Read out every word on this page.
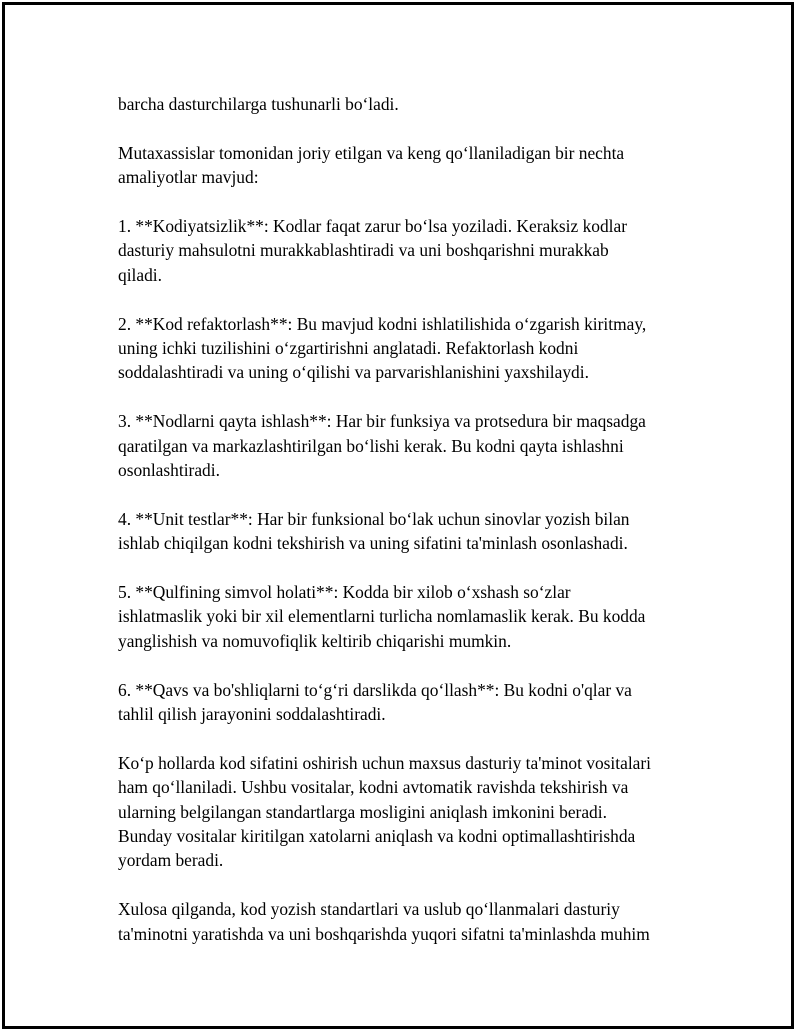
barcha dasturchilarga tushunarli bo‘ladi.

Mutaxassislar tomonidan joriy etilgan va keng qo‘llaniladigan bir nechta
amaliyotlar mavjud:

1. **Kodiyatsizlik**: Kodlar faqat zarur bo‘lsa yoziladi. Keraksiz kodlar
dasturiy mahsulotni murakkablashtiradi va uni boshqarishni murakkab
qiladi.

2. **Kod refaktorlash**: Bu mavjud kodni ishlatilishida o‘zgarish kiritmay,
uning ichki tuzilishini o‘zgartirishni anglatadi. Refaktorlash kodni
soddalashtiradi va uning o‘qilishi va parvarishlanishini yaxshilaydi.

3. **Nodlarni qayta ishlash**: Har bir funksiya va protsedura bir maqsadga
qaratilgan va markazlashtirilgan bo‘lishi kerak. Bu kodni qayta ishlashni
osonlashtiradi.

4. **Unit testlar**: Har bir funksional bo‘lak uchun sinovlar yozish bilan
ishlab chiqilgan kodni tekshirish va uning sifatini ta'minlash osonlashadi.

5. **Qulfining simvol holati**: Kodda bir xilob o‘xshash so‘zlar
ishlatmaslik yoki bir xil elementlarni turlicha nomlamaslik kerak. Bu kodda
yanglishish va nomuvofiqlik keltirib chiqarishi mumkin.

6. **Qavs va bo'shliqlarni to‘g‘ri darslikda qo‘llash**: Bu kodni o'qlar va
tahlil qilish jarayonini soddalashtiradi.

Ko‘p hollarda kod sifatini oshirish uchun maxsus dasturiy ta'minot vositalari
ham qo‘llaniladi. Ushbu vositalar, kodni avtomatik ravishda tekshirish va
ularning belgilangan standartlarga mosligini aniqlash imkonini beradi.
Bunday vositalar kiritilgan xatolarni aniqlash va kodni optimallashtirishda
yordam beradi.

Xulosa qilganda, kod yozish standartlari va uslub qo‘llanmalari dasturiy
ta'minotni yaratishda va uni boshqarishda yuqori sifatni ta'minlashda muhim
